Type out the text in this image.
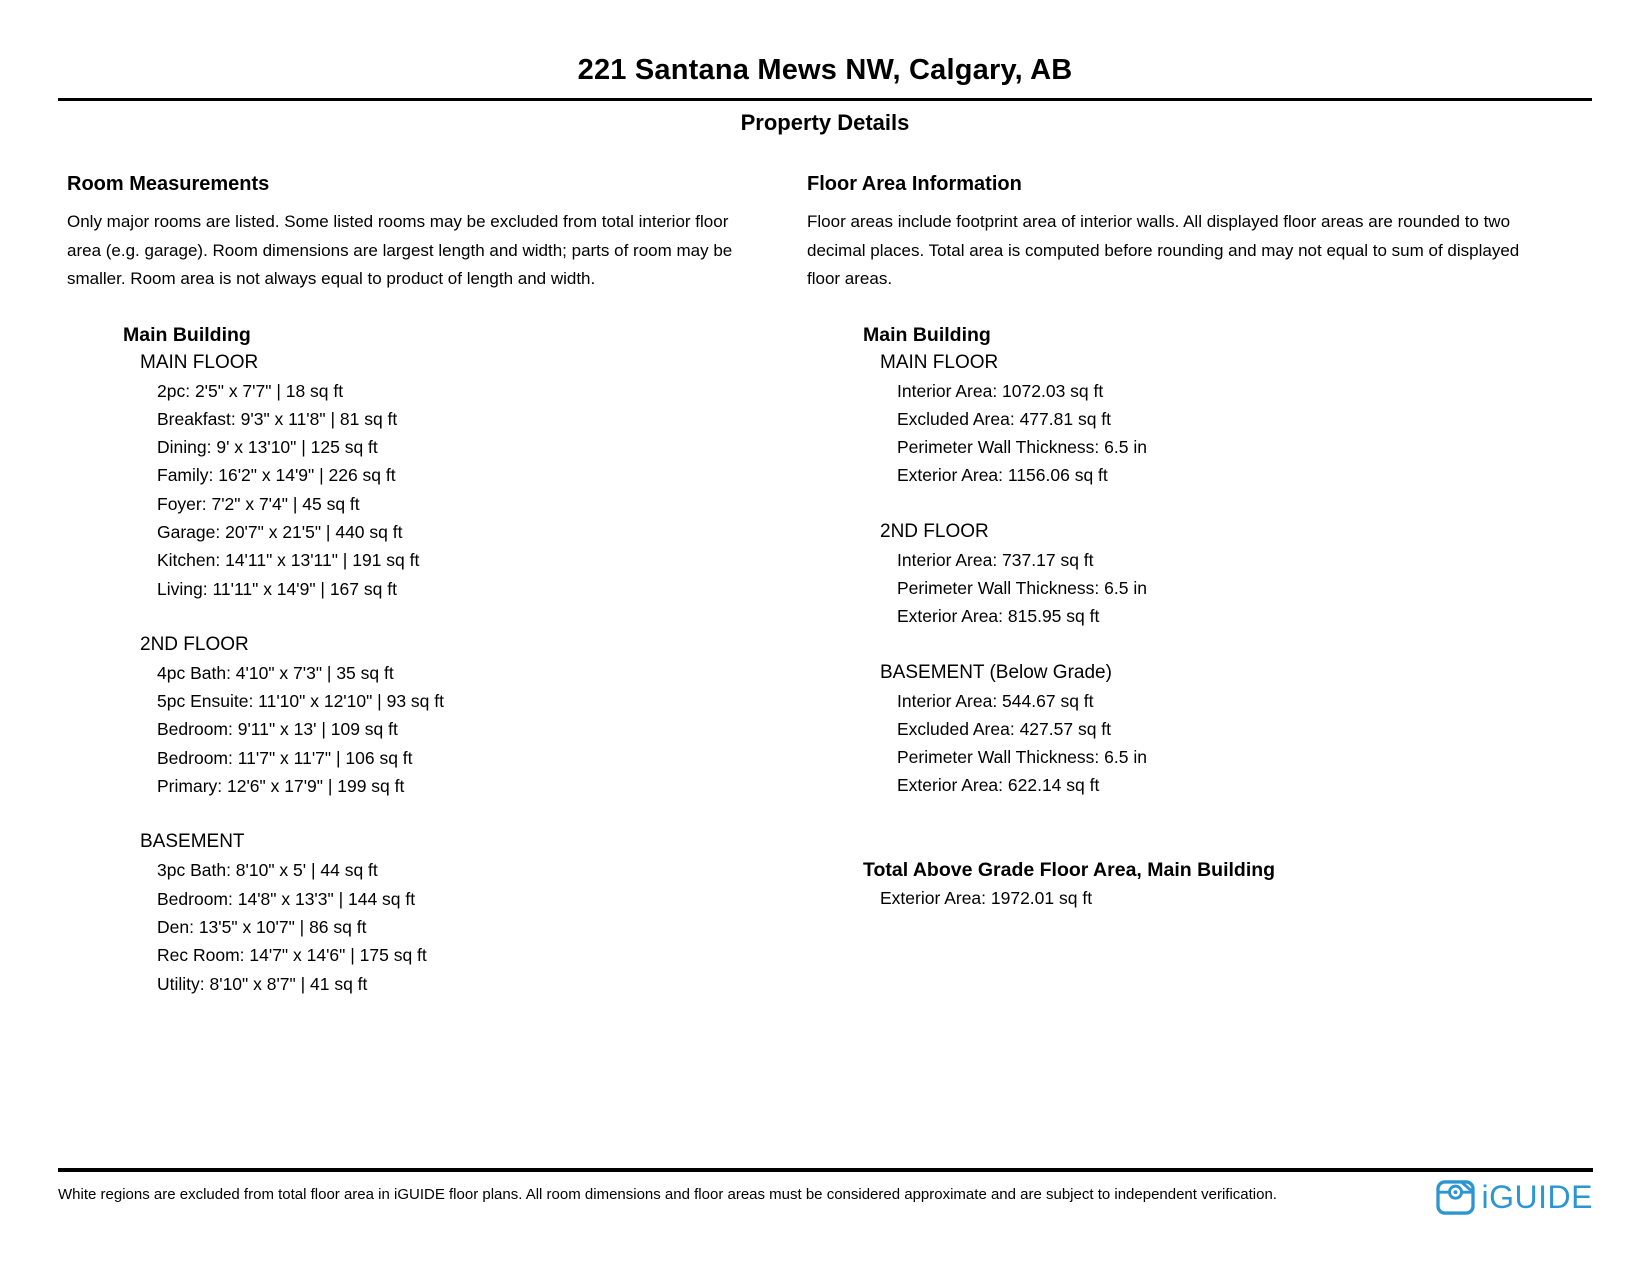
221 Santana Mews NW, Calgary, AB
Property Details
Room Measurements

Only major rooms are listed. Some listed rooms may be excluded from total interior floor area (e.g. garage). Room dimensions are largest length and width; parts of room may be smaller. Room area is not always equal to product of length and width.

Main Building
MAIN FLOOR
2pc: 2'5" x 7'7" | 18 sq ft
Breakfast: 9'3" x 11'8" | 81 sq ft
Dining: 9' x 13'10" | 125 sq ft
Family: 16'2" x 14'9" | 226 sq ft
Foyer: 7'2" x 7'4" | 45 sq ft
Garage: 20'7" x 21'5" | 440 sq ft
Kitchen: 14'11" x 13'11" | 191 sq ft
Living: 11'11" x 14'9" | 167 sq ft
2ND FLOOR
4pc Bath: 4'10" x 7'3" | 35 sq ft
5pc Ensuite: 11'10" x 12'10" | 93 sq ft
Bedroom: 9'11" x 13' | 109 sq ft
Bedroom: 11'7" x 11'7" | 106 sq ft
Primary: 12'6" x 17'9" | 199 sq ft
BASEMENT
3pc Bath: 8'10" x 5' | 44 sq ft
Bedroom: 14'8" x 13'3" | 144 sq ft
Den: 13'5" x 10'7" | 86 sq ft
Rec Room: 14'7" x 14'6" | 175 sq ft
Utility: 8'10" x 8'7" | 41 sq ft
Floor Area Information

Floor areas include footprint area of interior walls. All displayed floor areas are rounded to two decimal places. Total area is computed before rounding and may not equal to sum of displayed floor areas.

Main Building
MAIN FLOOR
Interior Area: 1072.03 sq ft
Excluded Area: 477.81 sq ft
Perimeter Wall Thickness: 6.5 in
Exterior Area: 1156.06 sq ft
2ND FLOOR
Interior Area: 737.17 sq ft
Perimeter Wall Thickness: 6.5 in
Exterior Area: 815.95 sq ft
BASEMENT (Below Grade)
Interior Area: 544.67 sq ft
Excluded Area: 427.57 sq ft
Perimeter Wall Thickness: 6.5 in
Exterior Area: 622.14 sq ft
Total Above Grade Floor Area, Main Building
Exterior Area: 1972.01 sq ft

White regions are excluded from total floor area in iGUIDE floor plans. All room dimensions and floor areas must be considered approximate and are subject to independent verification.	iGUIDE
